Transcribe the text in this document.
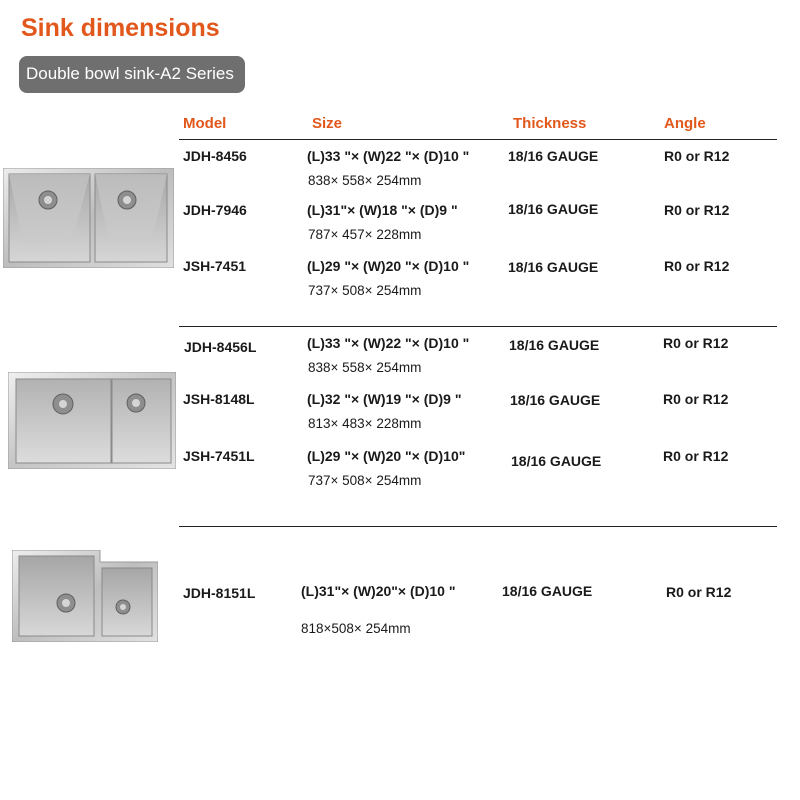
Sink dimensions
Double bowl sink-A2 Series
Model	Size	Thickness	Angle
JDH-8456	(L)33 "× (W)22 "× (D)10 "
838× 558× 254mm
18/16 GAUGE	R0 or R12
JDH-7946	(L)31"× (W)18 "× (D)9 "
787× 457× 228mm
18/16 GAUGE	R0 or R12
JSH-7451	(L)29 "× (W)20 "× (D)10 "
737× 508× 254mm
18/16 GAUGE	R0 or R12
JDH-8456L	(L)33 "× (W)22 "× (D)10 "
838× 558× 254mm
18/16 GAUGE	R0 or R12
JSH-8148L	(L)32 "× (W)19 "× (D)9 "
813× 483× 228mm
18/16 GAUGE	R0 or R12
JSH-7451L	(L)29 "× (W)20 "× (D)10"
737× 508× 254mm
18/16 GAUGE	R0 or R12
JDH-8151L	(L)31"× (W)20"× (D)10 "
818×508× 254mm
18/16 GAUGE	R0 or R12
